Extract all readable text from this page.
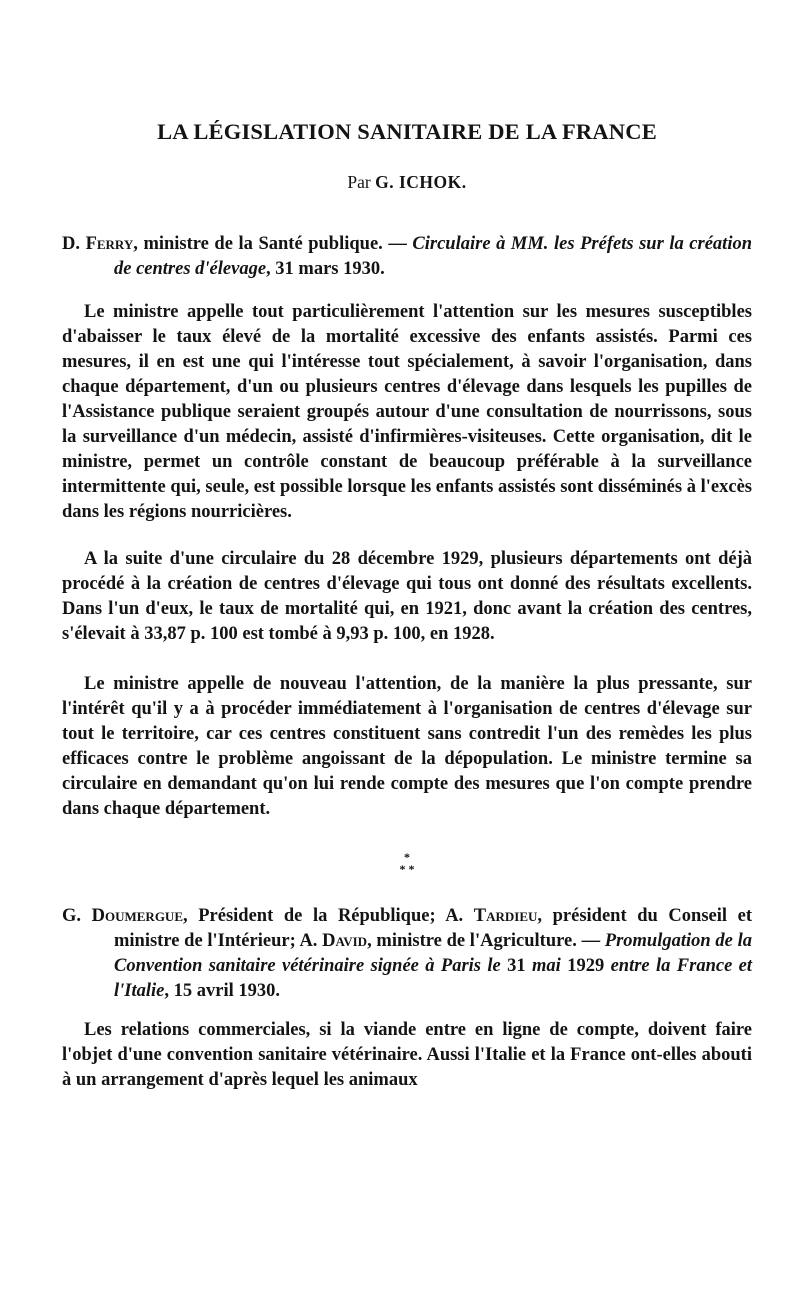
LA LÉGISLATION SANITAIRE DE LA FRANCE

Par G. ICHOK.

D. Ferry, ministre de la Santé publique. — Circulaire à MM. les Préfets sur la création de centres d'élevage, 31 mars 1930.

Le ministre appelle tout particulièrement l'attention sur les mesures susceptibles d'abaisser le taux élevé de la mortalité excessive des enfants assistés. Parmi ces mesures, il en est une qui l'intéresse tout spécialement, à savoir l'organisation, dans chaque département, d'un ou plusieurs centres d'élevage dans lesquels les pupilles de l'Assistance publique seraient groupés autour d'une consultation de nourrissons, sous la surveillance d'un médecin, assisté d'infirmières-visiteuses. Cette organisation, dit le ministre, permet un contrôle constant de beaucoup préférable à la surveillance intermittente qui, seule, est possible lorsque les enfants assistés sont disséminés à l'excès dans les régions nourricières.

A la suite d'une circulaire du 28 décembre 1929, plusieurs départements ont déjà procédé à la création de centres d'élevage qui tous ont donné des résultats excellents. Dans l'un d'eux, le taux de mortalité qui, en 1921, donc avant la création des centres, s'élevait à 33,87 p. 100 est tombé à 9,93 p. 100, en 1928.

Le ministre appelle de nouveau l'attention, de la manière la plus pressante, sur l'intérêt qu'il y a à procéder immédiatement à l'organisation de centres d'élevage sur tout le territoire, car ces centres constituent sans contredit l'un des remèdes les plus efficaces contre le problème angoissant de la dépopulation. Le ministre termine sa circulaire en demandant qu'on lui rende compte des mesures que l'on compte prendre dans chaque département.

*
* *

G. Doumergue, Président de la République; A. Tardieu, président du Conseil et ministre de l'Intérieur; A. David, ministre de l'Agriculture. — Promulgation de la Convention sanitaire vétérinaire signée à Paris le 31 mai 1929 entre la France et l'Italie, 15 avril 1930.

Les relations commerciales, si la viande entre en ligne de compte, doivent faire l'objet d'une convention sanitaire vétérinaire. Aussi l'Italie et la France ont-elles abouti à un arrangement d'après lequel les animaux
